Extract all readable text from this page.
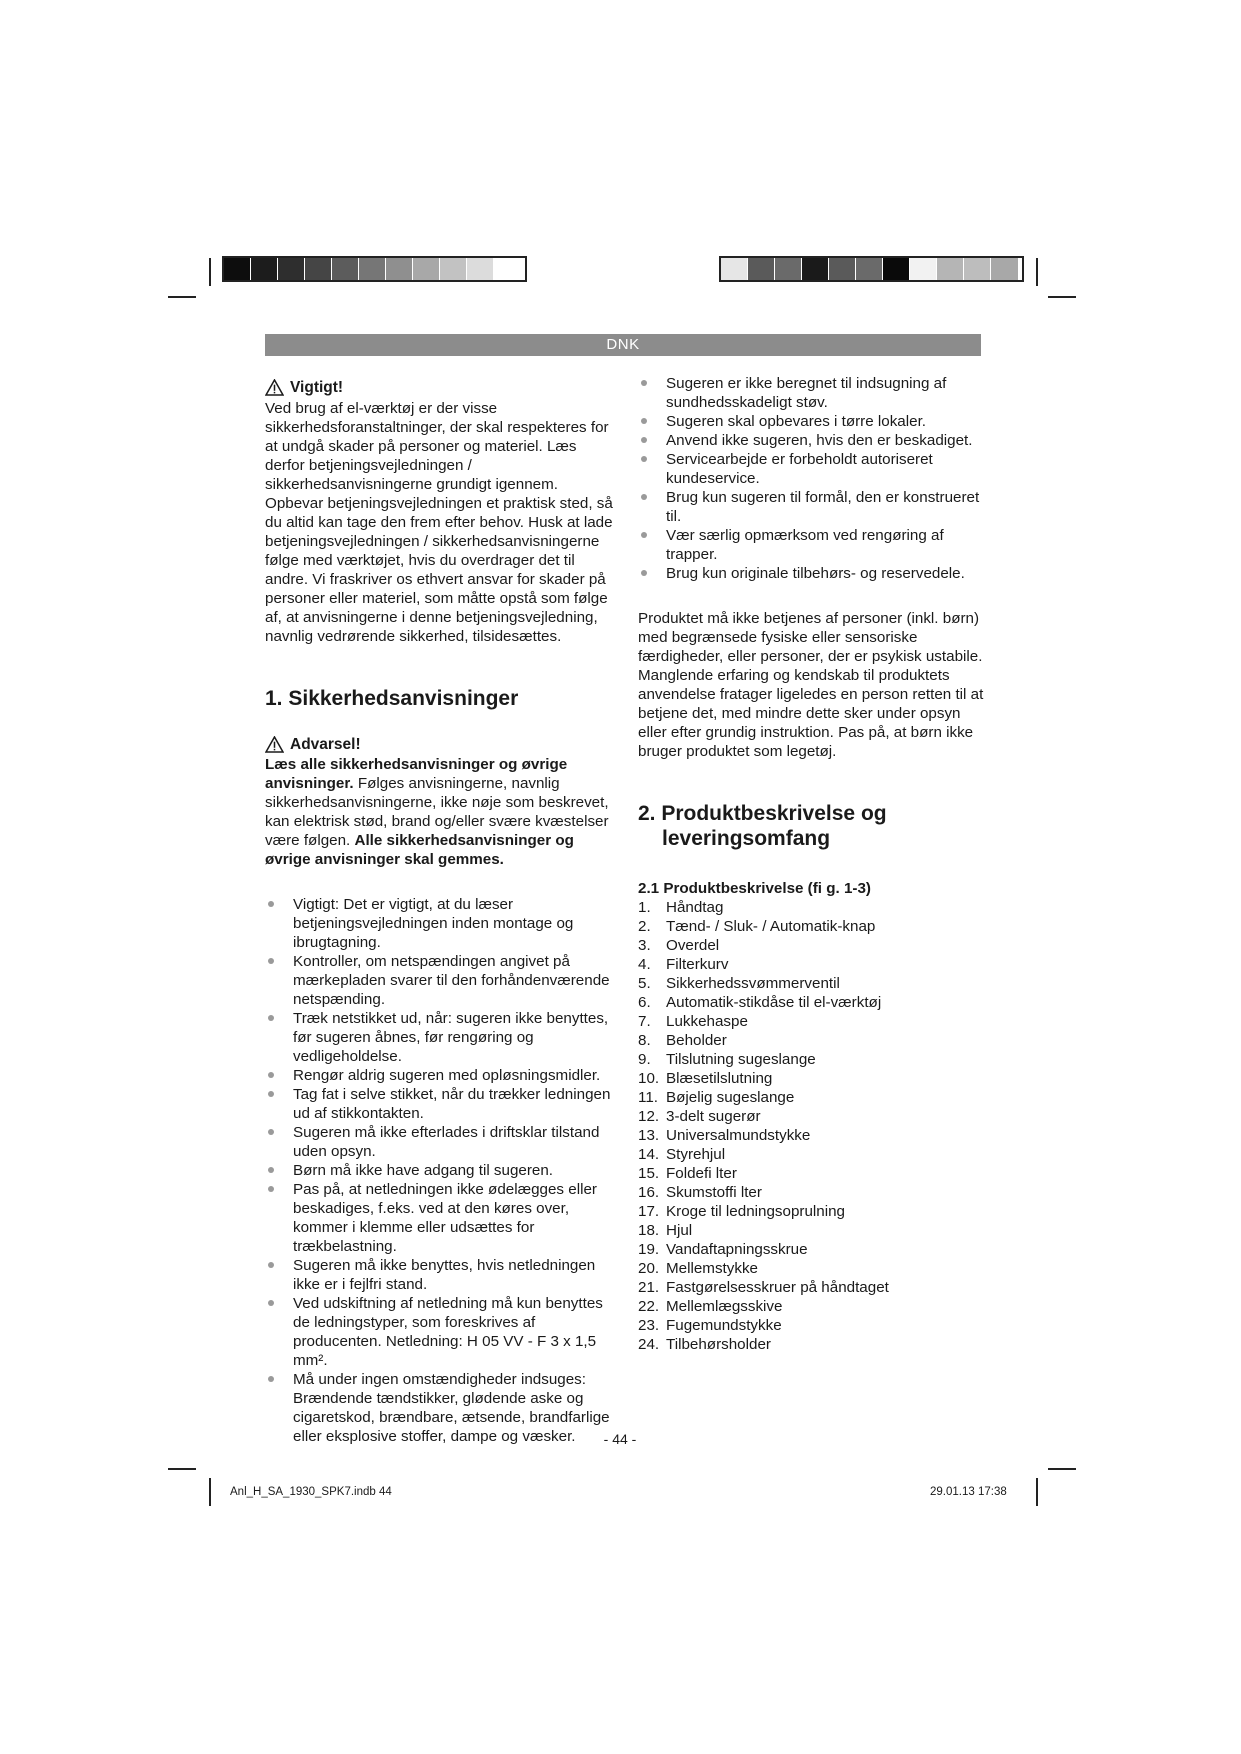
DNK
Vigtigt!

Ved brug af el-værktøj er der visse sikkerhedsforanstaltninger, der skal respekteres for at undgå skader på personer og materiel. Læs derfor betjeningsvejledningen / sikkerhedsanvisningerne grundigt igennem. Opbevar betjeningsvejledningen et praktisk sted, så du altid kan tage den frem efter behov. Husk at lade betjeningsvejledningen / sikkerhedsanvisningerne følge med værktøjet, hvis du overdrager det til andre. Vi fraskriver os ethvert ansvar for skader på personer eller materiel, som måtte opstå som følge af, at anvisningerne i denne betjeningsvejledning, navnlig vedrørende sikkerhed, tilsidesættes.

1. Sikkerhedsanvisninger
Advarsel!

Læs alle sikkerhedsanvisninger og øvrige anvisninger. Følges anvisningerne, navnlig sikkerhedsanvisningerne, ikke nøje som beskrevet, kan elektrisk stød, brand og/eller svære kvæstelser være følgen. Alle sikkerhedsanvisninger og øvrige anvisninger skal gemmes.

Vigtigt: Det er vigtigt, at du læser betjeningsvejledningen inden montage og ibrugtagning.
Kontroller, om netspændingen angivet på mærkepladen svarer til den forhåndenværende netspænding.
Træk netstikket ud, når: sugeren ikke benyttes, før sugeren åbnes, før rengøring og vedligeholdelse.
Rengør aldrig sugeren med opløsningsmidler.
Tag fat i selve stikket, når du trækker ledningen ud af stikkontakten.
Sugeren må ikke efterlades i driftsklar tilstand uden opsyn.
Børn må ikke have adgang til sugeren.
Pas på, at netledningen ikke ødelægges eller beskadiges, f.eks. ved at den køres over, kommer i klemme eller udsættes for trækbelastning.
Sugeren må ikke benyttes, hvis netledningen ikke er i fejlfri stand.
Ved udskiftning af netledning må kun benyttes de ledningstyper, som foreskrives af producenten. Netledning: H 05 VV - F 3 x 1,5 mm².
Må under ingen omstændigheder indsuges: Brændende tændstikker, glødende aske og cigaretskod, brændbare, ætsende, brandfarlige eller eksplosive stoffer, dampe og væsker.
Sugeren er ikke beregnet til indsugning af sundhedsskadeligt støv.
Sugeren skal opbevares i tørre lokaler.
Anvend ikke sugeren, hvis den er beskadiget.
Servicearbejde er forbeholdt autoriseret kundeservice.
Brug kun sugeren til formål, den er konstrueret til.
Vær særlig opmærksom ved rengøring af trapper.
Brug kun originale tilbehørs- og reservedele.

Produktet må ikke betjenes af personer (inkl. børn) med begrænsede fysiske eller sensoriske færdigheder, eller personer, der er psykisk ustabile. Manglende erfaring og kendskab til produktets anvendelse fratager ligeledes en person retten til at betjene det, med mindre dette sker under opsyn eller efter grundig instruktion. Pas på, at børn ikke bruger produktet som legetøj.

2. Produktbeskrivelse og
leveringsomfang
2.1 Produktbeskrivelse (fi g. 1-3)
1.	Håndtag
2.	Tænd- / Sluk- / Automatik-knap
3.	Overdel
4.	Filterkurv
5.	Sikkerhedssvømmerventil
6.	Automatik-stikdåse til el-værktøj
7.	Lukkehaspe
8.	Beholder
9.	Tilslutning sugeslange
10. Blæsetilslutning
11. Bøjelig sugeslange
12. 3-delt sugerør
13. Universalmundstykke
14. Styrehjul
15. Foldefi lter
16. Skumstoffi lter
17. Kroge til ledningsoprulning
18. Hjul
19. Vandaftapningsskrue
20. Mellemstykke
21. Fastgørelsesskruer på håndtaget
22. Mellemlægsskive
23. Fugemundstykke
24. Tilbehørsholder
- 44 -
Anl_H_SA_1930_SPK7.indb 44	29.01.13 17:38
